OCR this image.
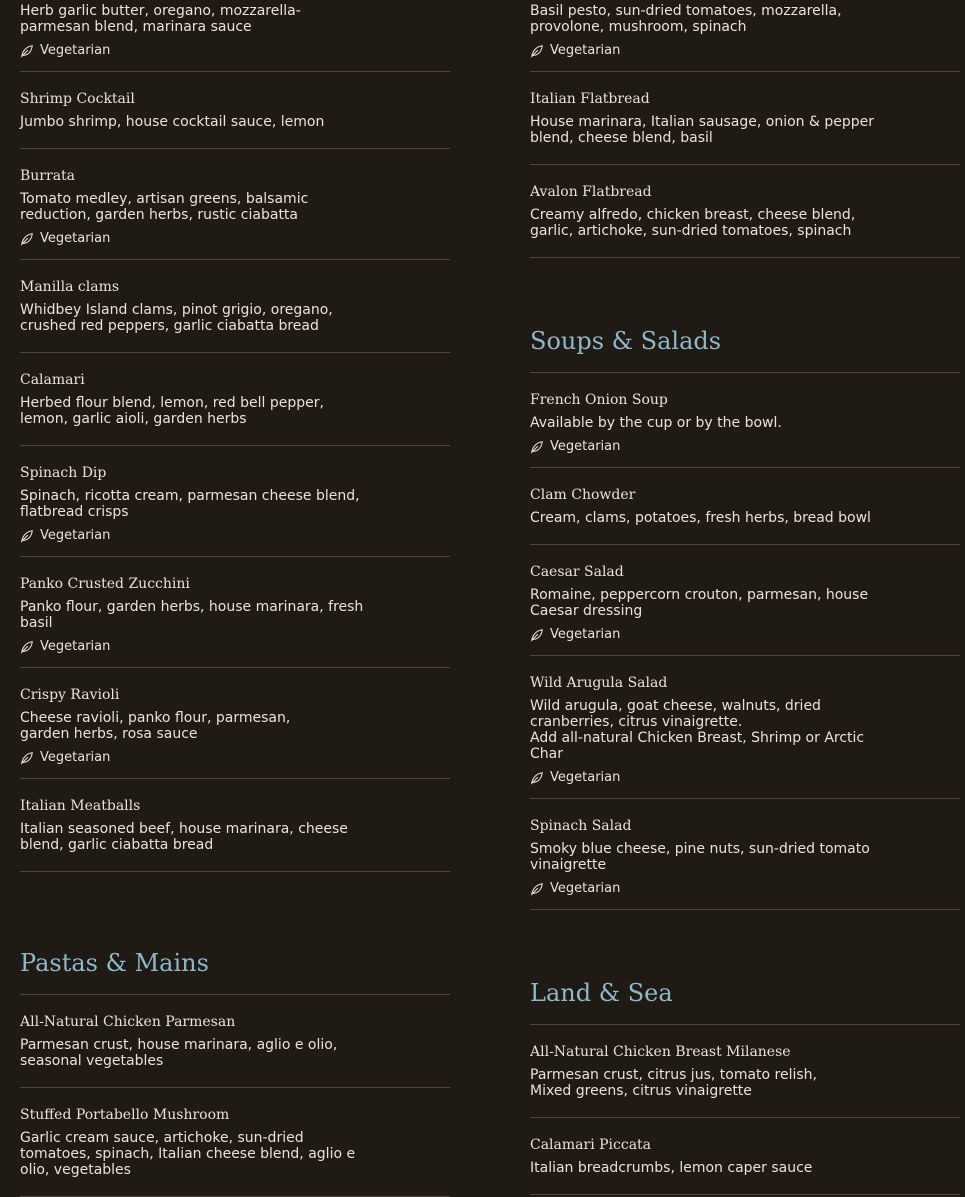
Herb garlic butter, oregano, mozzarella-
parmesan blend, marinara sauce
Vegetarian
Shrimp Cocktail
Jumbo shrimp, house cocktail sauce, lemon
Burrata
Tomato medley, artisan greens, balsamic
reduction, garden herbs, rustic ciabatta
Vegetarian
Manilla clams
Whidbey Island clams, pinot grigio, oregano,
crushed red peppers, garlic ciabatta bread
Calamari
Herbed flour blend, lemon, red bell pepper,
lemon, garlic aioli, garden herbs
Spinach Dip
Spinach, ricotta cream, parmesan cheese blend,
flatbread crisps
Vegetarian
Panko Crusted Zucchini
Panko flour, garden herbs, house marinara, fresh
basil
Vegetarian
Crispy Ravioli
Cheese ravioli, panko flour, parmesan,
garden herbs, rosa sauce
Vegetarian
Italian Meatballs
Italian seasoned beef, house marinara, cheese
blend, garlic ciabatta bread
Pastas & Mains
All-Natural Chicken Parmesan
Parmesan crust, house marinara, aglio e olio,
seasonal vegetables
Stuffed Portabello Mushroom
Garlic cream sauce, artichoke, sun-dried
tomatoes, spinach, Italian cheese blend, aglio e
olio, vegetables
Basil pesto, sun-dried tomatoes, mozzarella,
provolone, mushroom, spinach
Vegetarian
Italian Flatbread
House marinara, Italian sausage, onion & pepper
blend, cheese blend, basil
Avalon Flatbread
Creamy alfredo, chicken breast, cheese blend,
garlic, artichoke, sun-dried tomatoes, spinach
Soups & Salads
French Onion Soup
Available by the cup or by the bowl.
Vegetarian
Clam Chowder
Cream, clams, potatoes, fresh herbs, bread bowl
Caesar Salad
Romaine, peppercorn crouton, parmesan, house
Caesar dressing
Vegetarian
Wild Arugula Salad
Wild arugula, goat cheese, walnuts, dried
cranberries, citrus vinaigrette.
Add all-natural Chicken Breast, Shrimp or Arctic
Char
Vegetarian
Spinach Salad
Smoky blue cheese, pine nuts, sun-dried tomato
vinaigrette
Vegetarian
Land & Sea
All-Natural Chicken Breast Milanese
Parmesan crust, citrus jus, tomato relish,
Mixed greens, citrus vinaigrette
Calamari Piccata
Italian breadcrumbs, lemon caper sauce
